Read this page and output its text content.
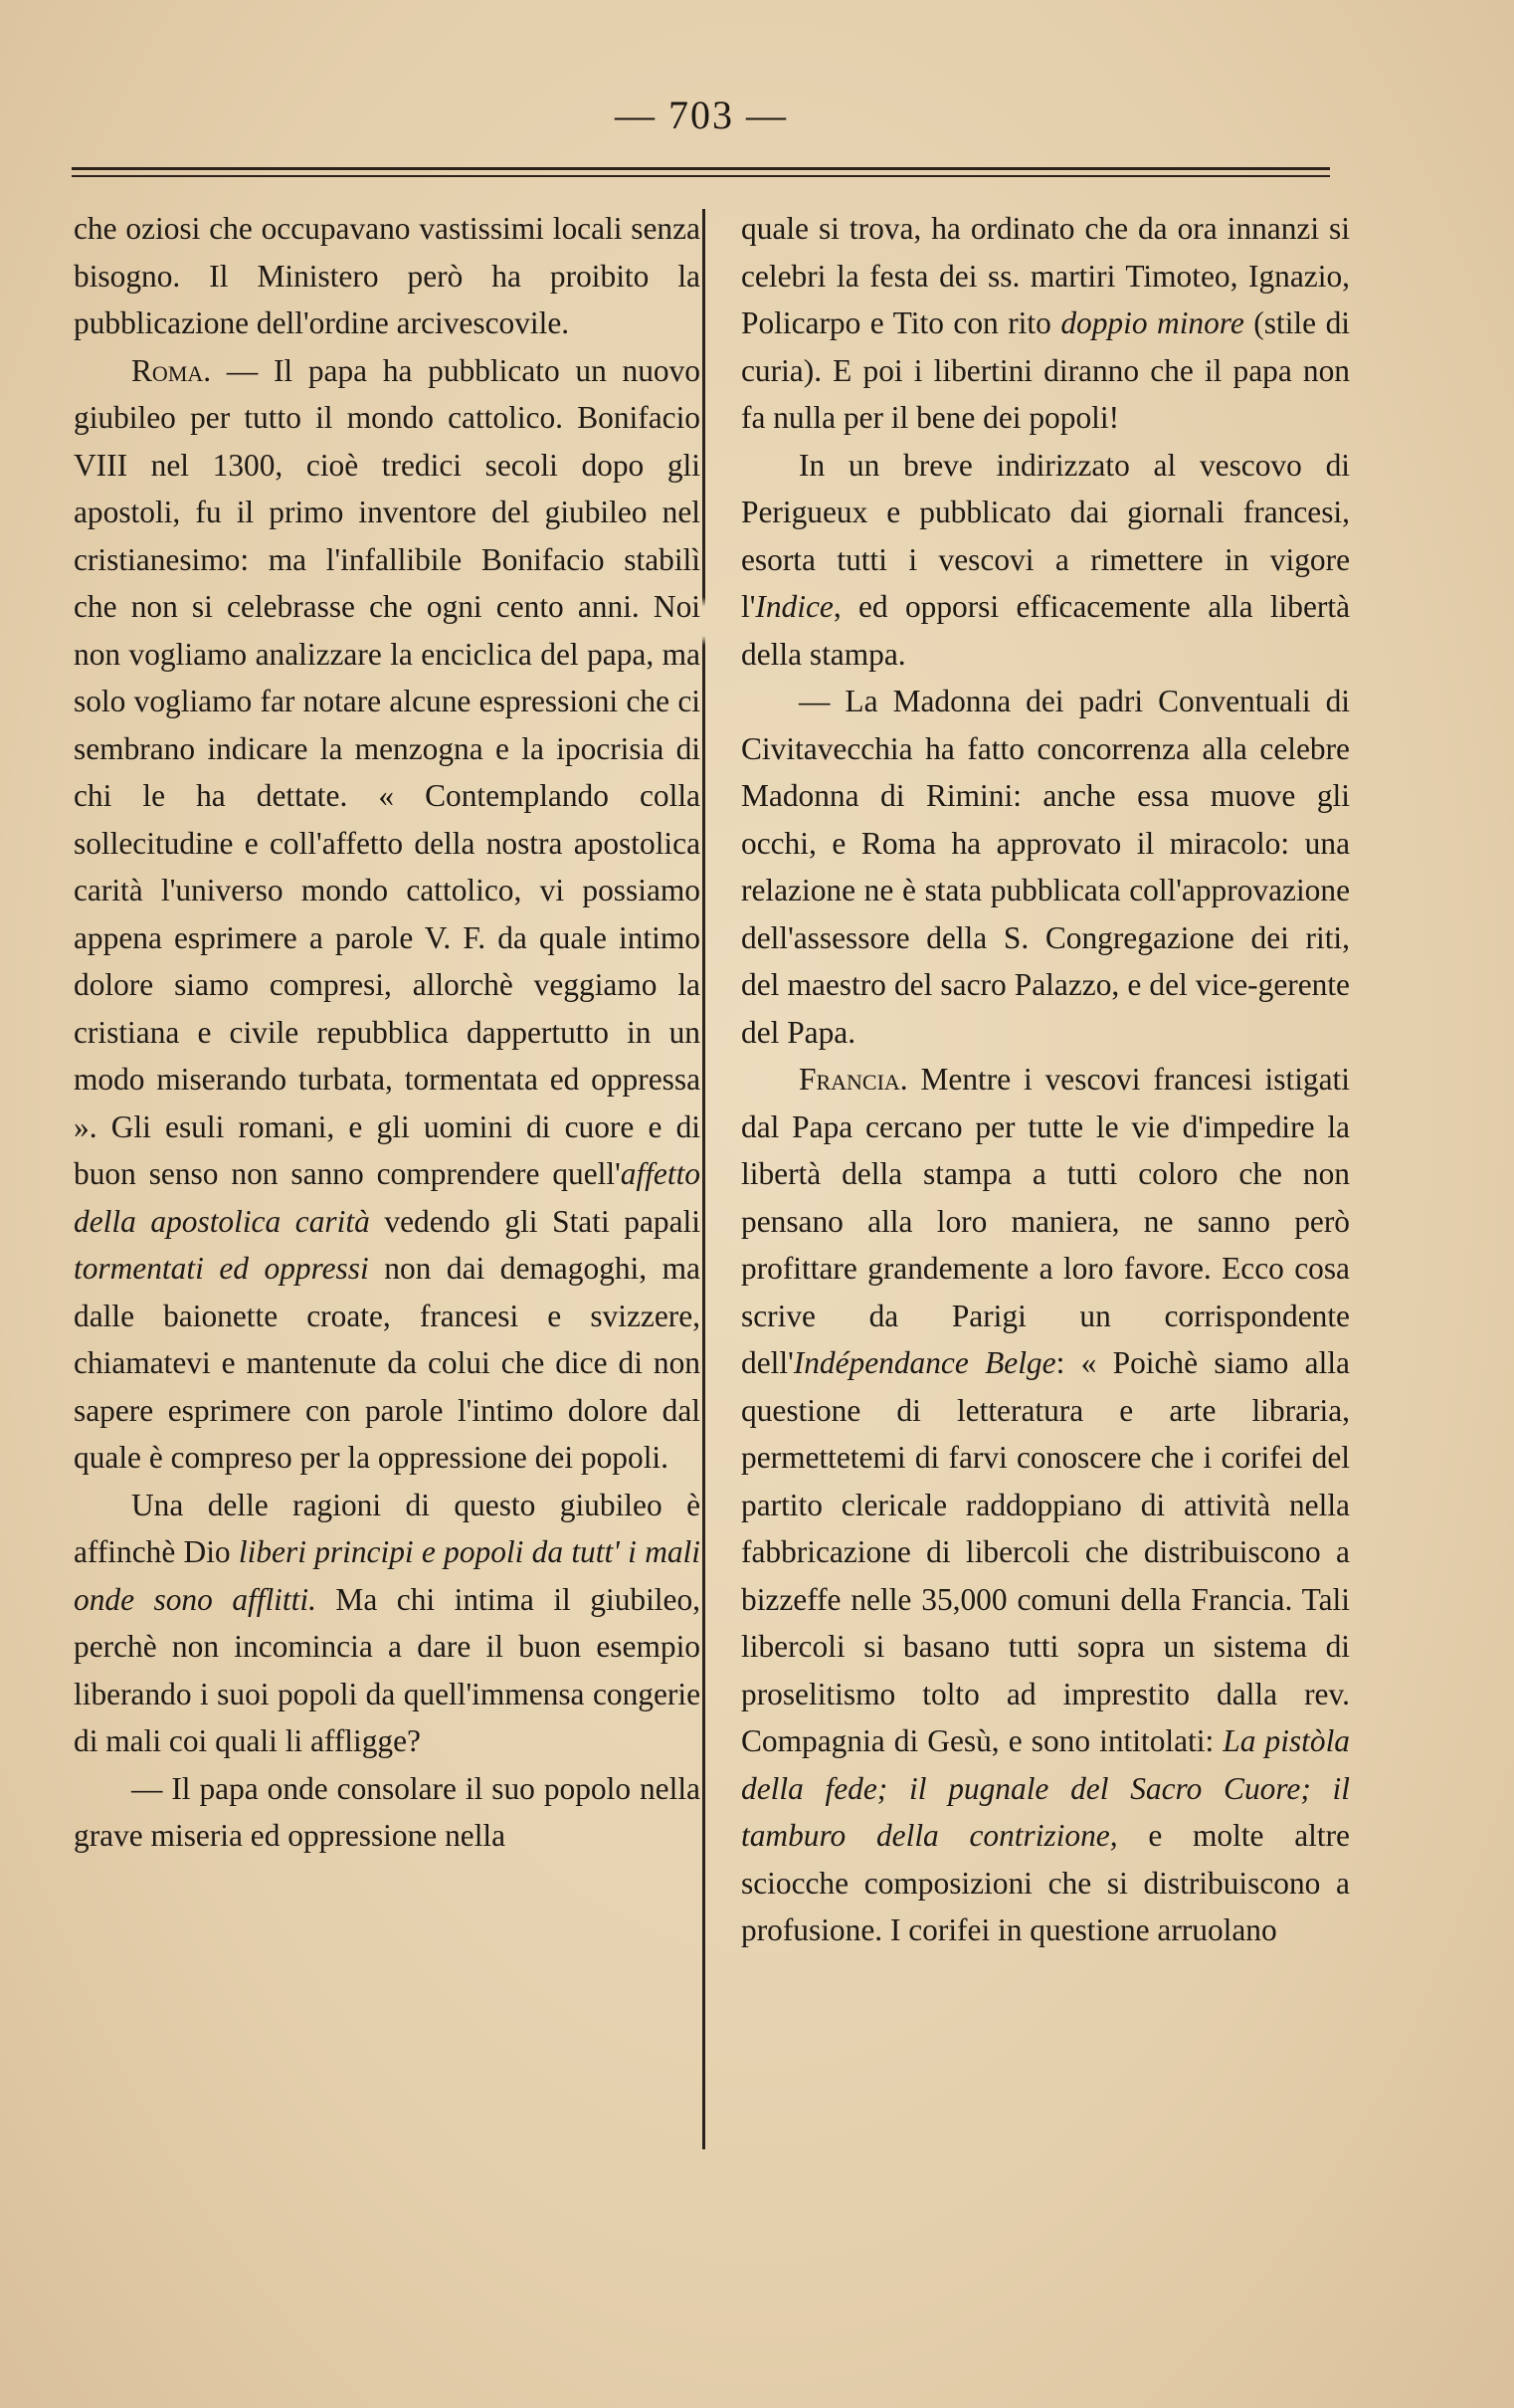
— 703 —

che oziosi che occupavano vastissimi locali senza bisogno. Il Ministero però ha proibito la pubblicazione dell'ordine arcivescovile.

Roma. — Il papa ha pubblicato un nuovo giubileo per tutto il mondo cattolico. Bonifacio VIII nel 1300, cioè tredici secoli dopo gli apostoli, fu il primo inventore del giubileo nel cristianesimo: ma l'infallibile Bonifacio stabilì che non si celebrasse che ogni cento anni. Noi non vogliamo analizzare la enciclica del papa, ma solo vogliamo far notare alcune espressioni che ci sembrano indicare la menzogna e la ipocrisia di chi le ha dettate. « Contemplando colla sollecitudine e coll'affetto della nostra apostolica carità l'universo mondo cattolico, vi possiamo appena esprimere a parole V. F. da quale intimo dolore siamo compresi, allorchè veggiamo la cristiana e civile repubblica dappertutto in un modo miserando turbata, tormentata ed oppressa ». Gli esuli romani, e gli uomini di cuore e di buon senso non sanno comprendere quell'affetto della apostolica carità vedendo gli Stati papali tormentati ed oppressi non dai demagoghi, ma dalle baionette croate, francesi e svizzere, chiamatevi e mantenute da colui che dice di non sapere esprimere con parole l'intimo dolore dal quale è compreso per la oppressione dei popoli.

Una delle ragioni di questo giubileo è affinchè Dio liberi principi e popoli da tutt' i mali onde sono afflitti. Ma chi intima il giubileo, perchè non incomincia a dare il buon esempio liberando i suoi popoli da quell'immensa congerie di mali coi quali li affligge?

— Il papa onde consolare il suo popolo nella grave miseria ed oppressione nella

quale si trova, ha ordinato che da ora innanzi si celebri la festa dei ss. martiri Timoteo, Ignazio, Policarpo e Tito con rito doppio minore (stile di curia). E poi i libertini diranno che il papa non fa nulla per il bene dei popoli!

In un breve indirizzato al vescovo di Perigueux e pubblicato dai giornali francesi, esorta tutti i vescovi a rimettere in vigore l'Indice, ed opporsi efficacemente alla libertà della stampa.

— La Madonna dei padri Conventuali di Civitavecchia ha fatto concorrenza alla celebre Madonna di Rimini: anche essa muove gli occhi, e Roma ha approvato il miracolo: una relazione ne è stata pubblicata coll'approvazione dell'assessore della S. Congregazione dei riti, del maestro del sacro Palazzo, e del vice-gerente del Papa.

Francia. Mentre i vescovi francesi istigati dal Papa cercano per tutte le vie d'impedire la libertà della stampa a tutti coloro che non pensano alla loro maniera, ne sanno però profittare grandemente a loro favore. Ecco cosa scrive da Parigi un corrispondente dell'Indépendance Belge: « Poichè siamo alla questione di letteratura e arte libraria, permettetemi di farvi conoscere che i corifei del partito clericale raddoppiano di attività nella fabbricazione di libercoli che distribuiscono a bizzeffe nelle 35,000 comuni della Francia. Tali libercoli si basano tutti sopra un sistema di proselitismo tolto ad imprestito dalla rev. Compagnia di Gesù, e sono intitolati: La pistòla della fede; il pugnale del Sacro Cuore; il tamburo della contrizione, e molte altre sciocche composizioni che si distribuiscono a profusione. I corifei in questione arruolano
